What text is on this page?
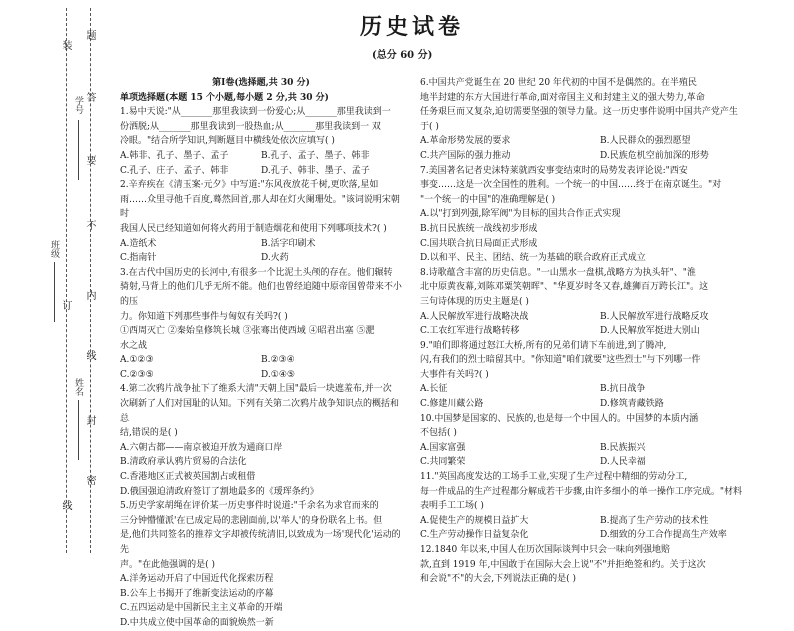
学号
姓名
班级
题
答
要
不
内
线
封
密
装
订
线
历史试卷
(总分 60 分)

第Ⅰ卷(选择题,共 30 分)

单项选择题(本题 15 个小题,每小题 2 分,共 30 分)

1.易中天说:"从_______那里我读到一份爱心;从_______那里我读到一

份洒脱;从_______那里我读到一股热血;从_______那里我读到一 双

冷眼。"结合所学知识,判断题目中横线处依次应填写( )

A.韩非、孔子、墨子、孟子	B.孔子、孟子、墨子、韩非
C.孔子、庄子、孟子、韩非	D.孔子、韩非、墨子、孟子

2.辛弃疾在《清玉案·元夕》中写道:"东风夜放花千树,更吹落,星如

雨……众里寻他千百度,蓦然回首,那人却在灯火阑珊处。"该词说明宋朝时

我国人民已经知道如何将火药用于制造烟花和使用下列哪项技术?( )

A.造纸术	B.活字印刷术
C.指南针	D.火药

3.在古代中国历史的长河中,有很多一个比泥土头颅的存在。他们辗转

骑射,马背上的他们几乎无所不能。他们也曾经追随中原帝国曾带来不小的压

力。你知道下列那些事件与匈奴有关吗?( )

①西周灭亡 ②秦始皇修筑长城 ③张骞出使西域 ④昭君出塞 ⑤淝

水之战

A.①②③	B.②③④
C.②③⑤	D.①④⑤

4.第二次鸦片战争扯下了维系大清"天朝上国"最后一块遮羞布,并一次

次刷新了人们对国耻的认知。下列有关第二次鸦片战争知识点的概括和总

结,错误的是( )

A.六朝古都——南京被迫开放为通商口岸

B.清政府承认鸦片贸易的合法化

C.香港地区正式被英国割占或租借

D.俄国强迫清政府签订了割地最多的《瑷珲条约》

5.历史学家胡绳在评价某一历史事件时说道:"千余名为求官而来的

三分钟懵懂派'在已成定局的悲剧面前,以'举人'的身份联名上书。但

是,他们共同签名的推荐文字却被传统清旧,以致成为一场'现代化'运动的先

声。"在此他强调的是( )

A.洋务运动开启了中国近代化探索历程

B.公车上书揭开了维新变法运动的序幕

C.五四运动是中国新民主主义革命的开端

D.中共成立使中国革命的面貌焕然一新

6.中国共产党诞生在 20 世纪 20 年代初的中国不是偶然的。在半殖民

地半封建的东方大国进行革命,面对帝国主义和封建主义的强大势力,革命

任务艰巨而又复杂,迫切需要坚强的领导力量。这一历史事件说明中国共产党产生

于( )

A.革命形势发展的要求	B.人民群众的强烈愿望
C.共产国际的强力推动	D.民族危机空前加深的形势

7.美国著名记者史沫特莱就西安事变结束时的局势发表评论说:"西安

事变……这是一次全国性的胜利。一个统一的中国……终于在南京诞生。"对

"一个统一的中国"的准确理解是( )

A.以"打到列强,除军阀"为目标的国共合作正式实现

B.抗日民族统一战线初步形成

C.国共联合抗日局面正式形成

D.以和平、民主、团结、统一为基础的联合政府正式成立

8.诗歌蕴含丰富的历史信息。"一山黑水一盘棋,战略方为执头轩"、"淮

北中原黄夜幕,刘陈邓粟笑朝晖"、"华夏岁时冬又春,雄狮百万跨长江"。这

三句诗体现的历史主题是( )

A.人民解放军进行战略决战	B.人民解放军进行战略反攻
C.工农红军进行战略转移	D.人民解放军挺进大别山

9."咱们即将通过怒江大桥,所有的兄弟们请下车前进,到了腾冲,

闪,有我们的烈士暗留其中。"你知道"咱们就要"这些烈士"与下列哪一件

大事件有关吗?( )

A.长征	B.抗日战争
C.修建川藏公路	D.修筑青藏铁路

10.中国梦是国家的、民族的,也是每一个中国人的。中国梦的本质内涵

不包括( )

A.国家富强	B.民族振兴
C.共同繁荣	D.人民幸福

11."英国高度发达的工场手工业,实现了生产过程中精细的劳动分工,

每一件成品的生产过程都分解成若干步骤,由许多细小的单一操作工序完成。"材料

表明手工工场( )

A.促使生产的规模日益扩大	B.提高了生产劳动的技术性
C.生产劳动操作日益复杂化	D.细致的分工合作提高生产效率

12.1840 年以来,中国人在历次国际谈判中只会一味向列强地赔

款,直到 1919 年,中国敢于在国际大会上说"不"并拒绝签和约。关于这次

和会说"不"的大会,下列说法正确的是( )
